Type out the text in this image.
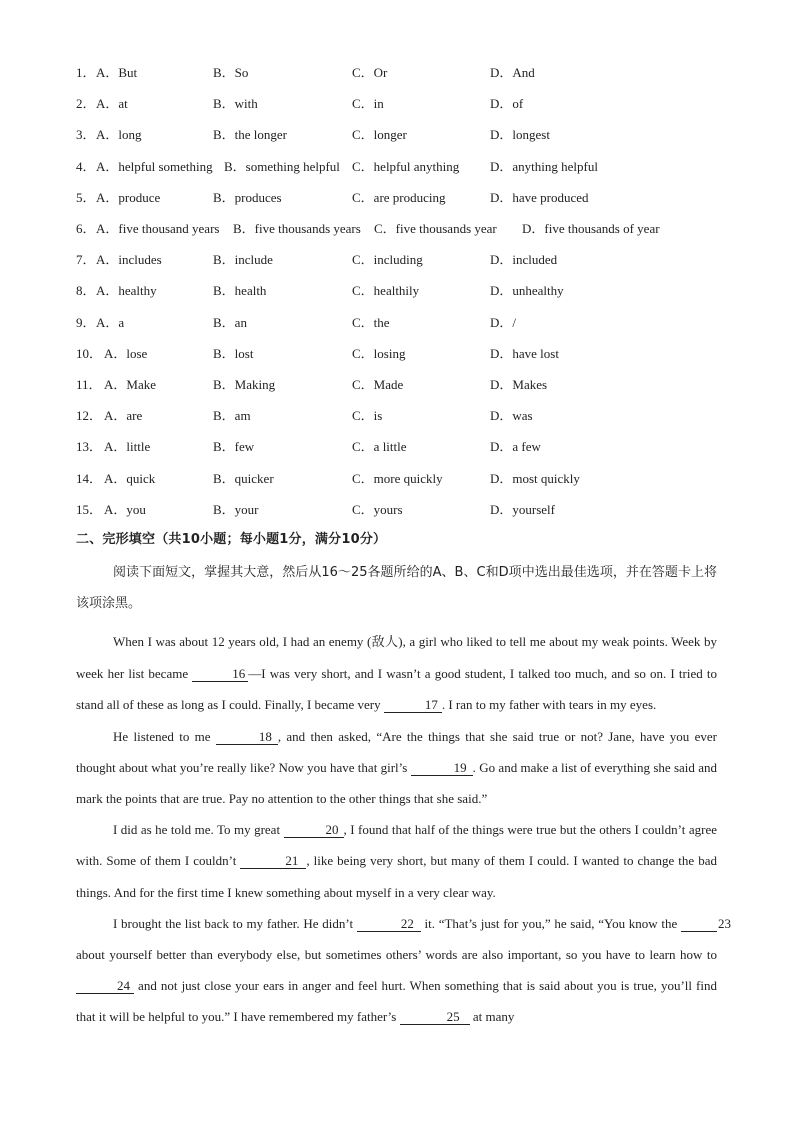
1． A．But	B．So	C．Or	D．And
2． A．at	B．with	C．in	D．of
3． A．long	B．the longer	C．longer	D．longest
4． A．helpful something B．something helpful C．helpful anything D．anything helpful
5． A．produce	B．produces	C．are producing	D．have produced
6． A．five thousand years B．five thousands years C．five thousands year D．five thousands of year
7． A．includes	B．include	C．including	D．included
8． A．healthy	B．health	C．healthily	D．unhealthy
9． A．a	B．an	C．the	D．/
10． A．lose	B．lost	C．losing	D．have lost
11． A．Make	B．Making	C．Made	D．Makes
12． A．are	B．am	C．is	D．was
13． A．little	B．few	C．a little	D．a few
14． A．quick	B．quicker	C．more quickly	D．most quickly
15． A．you	B．your	C．yours	D．yourself
二、完形填空（共10小题；每小题1分，满分10分）

阅读下面短文，掌握其大意，然后从16～25各题所给的A、B、C和D项中选出最佳选项，并在答题卡上将该项涂黑。

When I was about 12 years old, I had an enemy (敌人), a girl who liked to tell me about my weak points. Week by week her list became	16 —I was very short, and I wasn’t a good student, I talked too much, and so on. I tried to stand all of these as long as I could. Finally, I became very	17 . I ran to my father with tears in my eyes.

He listened to me	18 , and then asked, “Are the things that she said true or not? Jane, have you ever thought about what you’re really like? Now you have that girl’s	19 . Go and make a list of everything she said and mark the points that are true. Pay no attention to the other things that she said.”

I did as he told me. To my great	20 , I found that half of the things were true but the others I couldn’t agree with. Some of them I couldn’t	21 , like being very short, but many of them I could. I wanted to change the bad things. And for the first time I knew something about myself in a very clear way.

I brought the list back to my father. He didn’t	22 it. “That’s just for you,” he said, “You know the	23 about yourself better than everybody else, but sometimes others’ words are also important, so you have to learn how to 24 and not just close your ears in anger and feel hurt. When something that is said about you is true, you’ll find that it will be helpful to you.” I have remembered my father’s	25 at many
